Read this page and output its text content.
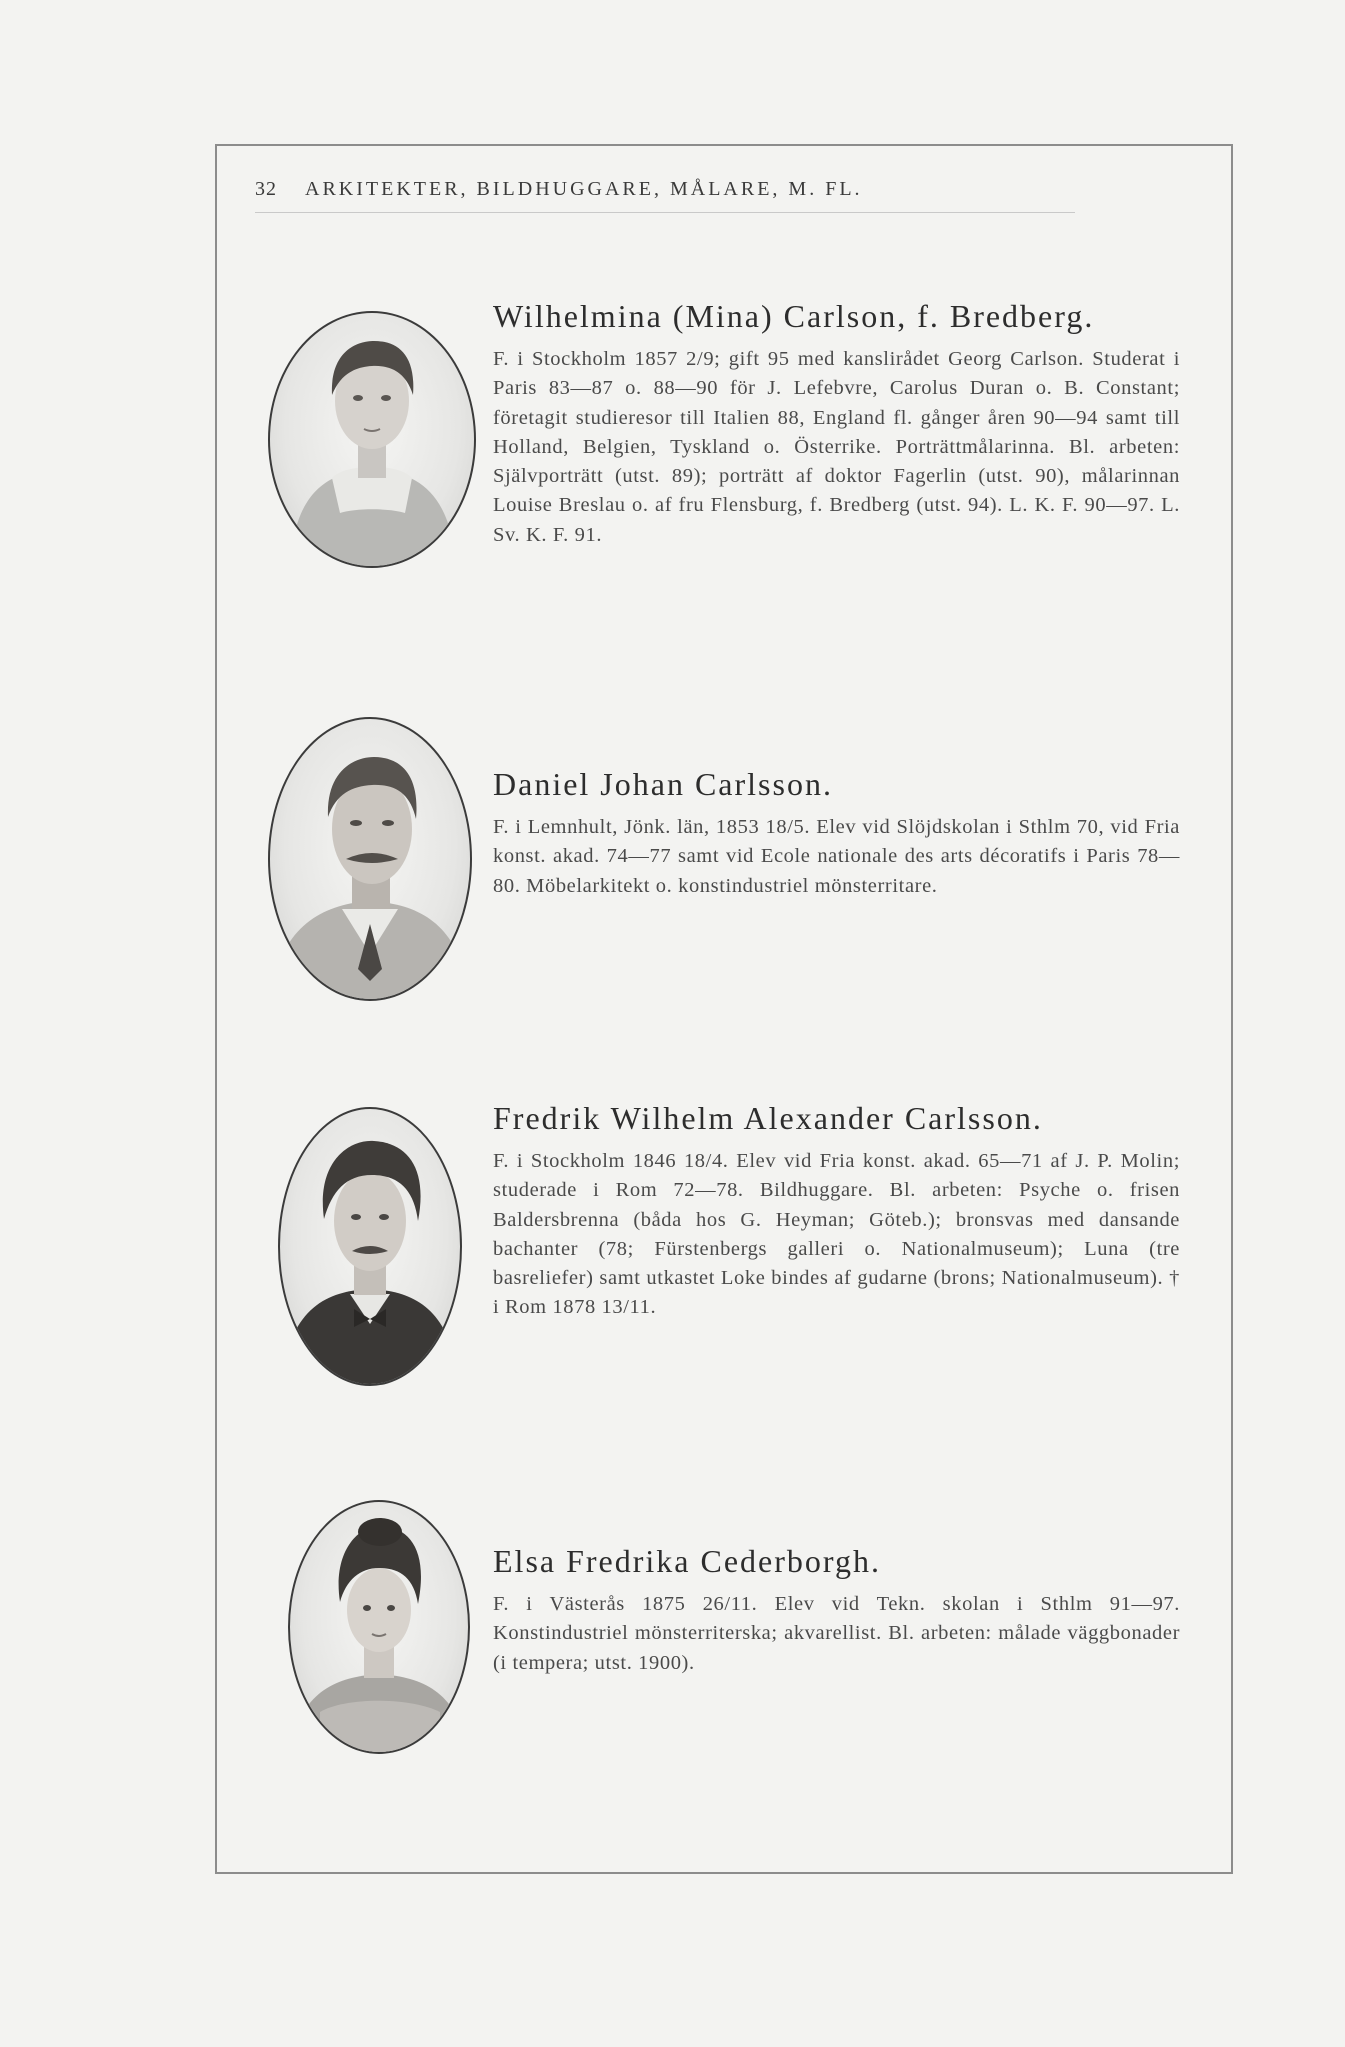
32 ARKITEKTER, BILDHUGGARE, MÅLARE, M. FL.
Wilhelmina (Mina) Carlson, f. Bredberg.

F. i Stockholm 1857 2/9; gift 95 med kanslirådet Georg Carlson. Studerat i Paris 83—87 o. 88—90 för J. Lefebvre, Carolus Duran o. B. Constant; företagit studieresor till Italien 88, England fl. gånger åren 90—94 samt till Holland, Belgien, Tyskland o. Österrike. Porträttmålarinna. Bl. arbeten: Självporträtt (utst. 89); porträtt af doktor Fagerlin (utst. 90), målarinnan Louise Breslau o. af fru Flensburg, f. Bredberg (utst. 94). L. K. F. 90—97. L. Sv. K. F. 91.

Daniel Johan Carlsson.

F. i Lemnhult, Jönk. län, 1853 18/5. Elev vid Slöjdskolan i Sthlm 70, vid Fria konst. akad. 74—77 samt vid Ecole nationale des arts décoratifs i Paris 78—80. Möbelarkitekt o. konstindustriel mönsterritare.

Fredrik Wilhelm Alexander Carlsson.

F. i Stockholm 1846 18/4. Elev vid Fria konst. akad. 65—71 af J. P. Molin; studerade i Rom 72—78. Bildhuggare. Bl. arbeten: Psyche o. frisen Baldersbrenna (båda hos G. Heyman; Göteb.); bronsvas med dansande bachanter (78; Fürstenbergs galleri o. Nationalmuseum); Luna (tre basreliefer) samt utkastet Loke bindes af gudarne (brons; Nationalmuseum). † i Rom 1878 13/11.

Elsa Fredrika Cederborgh.

F. i Västerås 1875 26/11. Elev vid Tekn. skolan i Sthlm 91—97. Konstindustriel mönsterriterska; akvarellist. Bl. arbeten: målade väggbonader (i tempera; utst. 1900).
